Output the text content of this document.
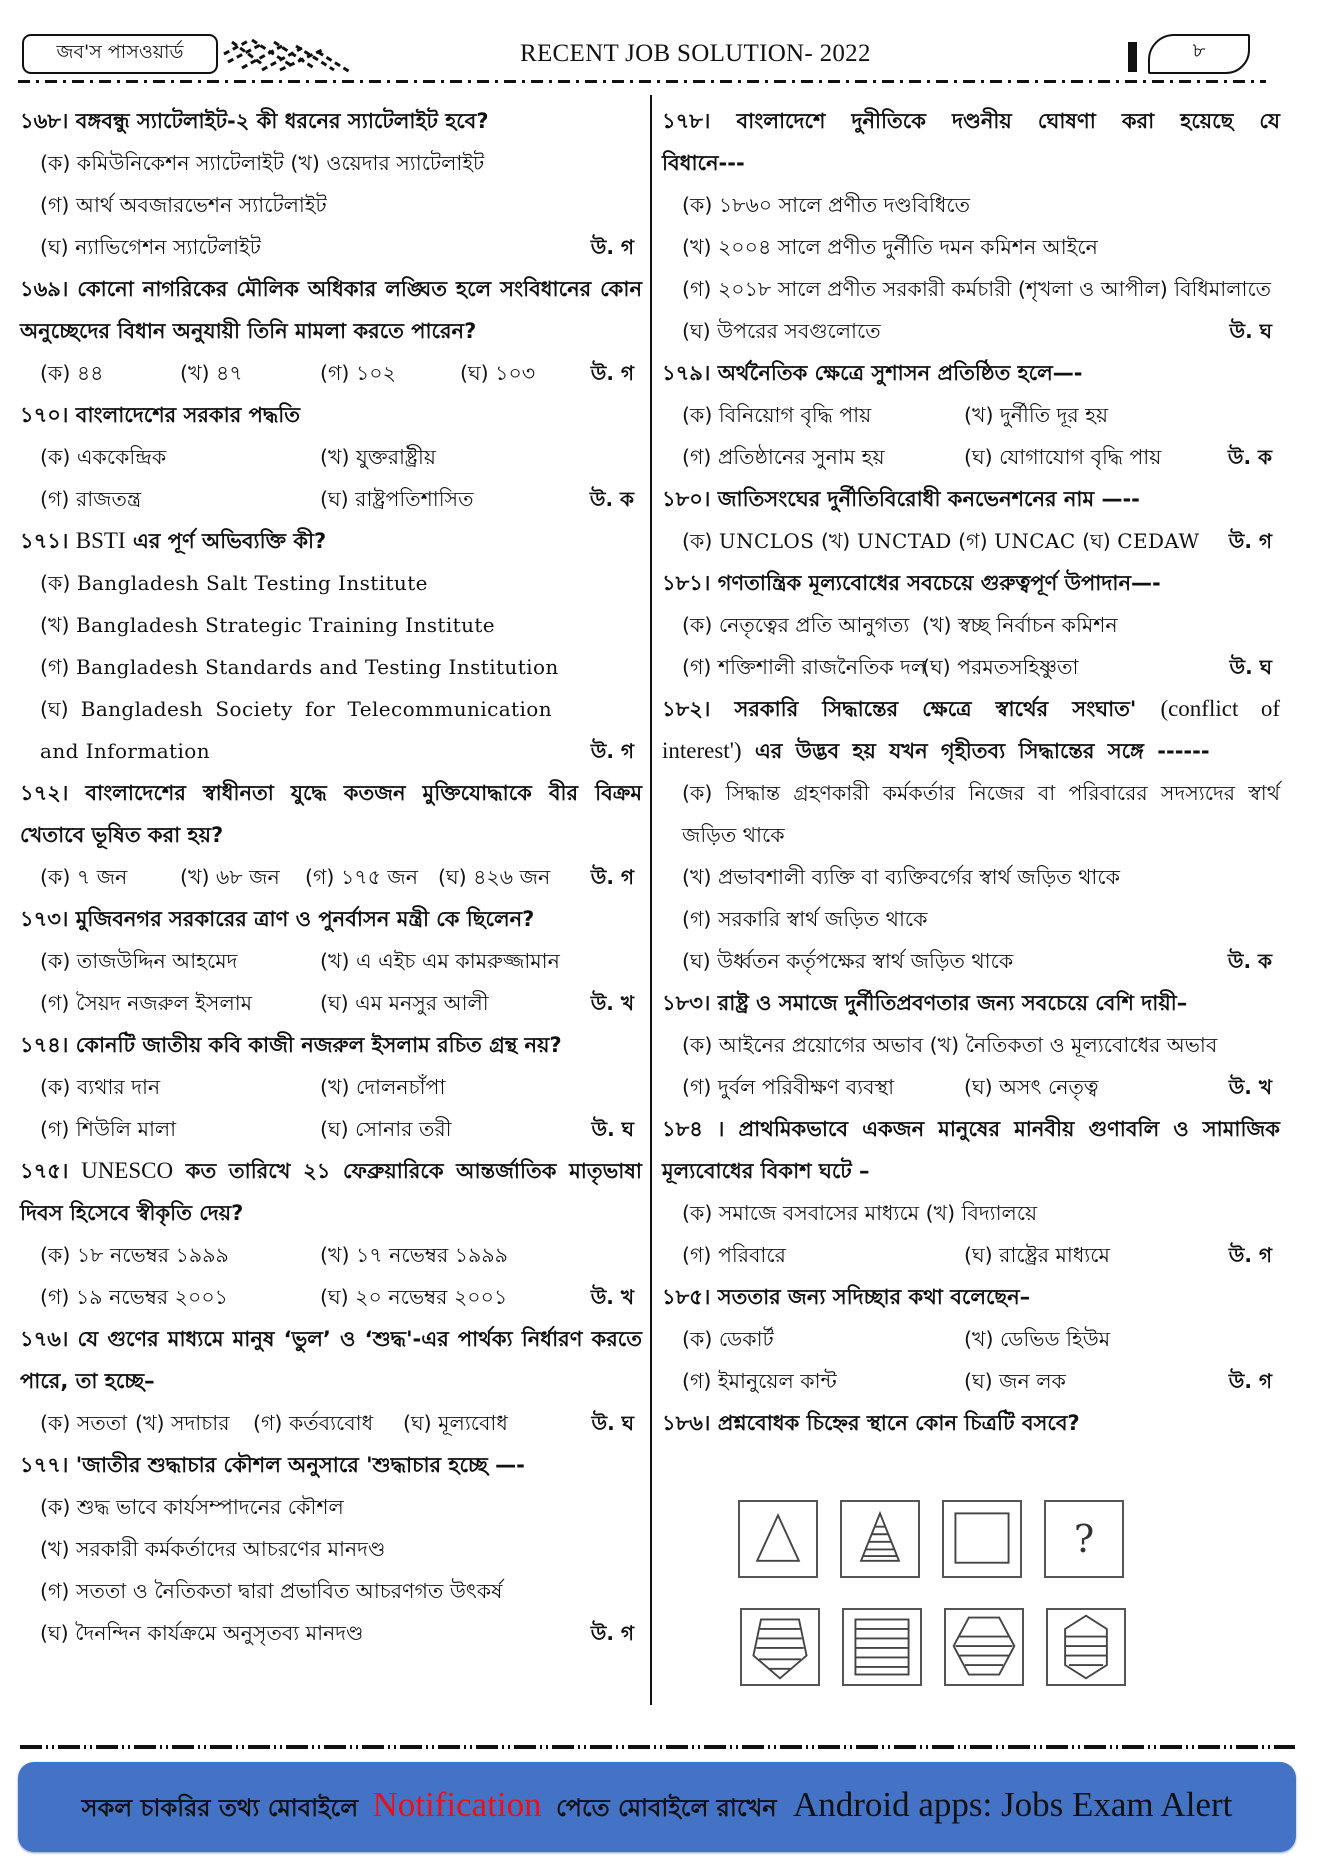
জব'স পাসওয়ার্ড	RECENT JOB SOLUTION- 2022	৮
১৬৮। বঙ্গবন্ধু স্যাটেলাইট-২ কী ধরনের স্যাটেলাইট হবে?
(ক) কমিউনিকেশন স্যাটেলাইট (খ) ওয়েদার স্যাটেলাইট
(গ) আর্থ অবজারভেশন স্যাটেলাইট
(ঘ) ন্যাভিগেশন স্যাটেলাইট	উ. গ
১৬৯। কোনো নাগরিকের মৌলিক অধিকার লঙ্ঘিত হলে সংবিধানের কোন অনুচ্ছেদের বিধান অনুযায়ী তিনি মামলা করতে পারেন?
(ক) ৪৪	(খ) ৪৭	(গ) ১০২	(ঘ) ১০৩	উ. গ
১৭০। বাংলাদেশের সরকার পদ্ধতি
(ক) এককেন্দ্রিক	(খ) যুক্তরাষ্ট্রীয়
(গ) রাজতন্ত্র	(ঘ) রাষ্ট্রপতিশাসিত	উ. ক
১৭১। BSTI এর পূর্ণ অভিব্যক্তি কী?
(ক) Bangladesh Salt Testing Institute
(খ) Bangladesh Strategic Training Institute
(গ) Bangladesh Standards and Testing Institution
(ঘ) Bangladesh Society for Telecommunication and Information	উ. গ
১৭২। বাংলাদেশের স্বাধীনতা যুদ্ধে কতজন মুক্তিযোদ্ধাকে বীর বিক্রম খেতাবে ভূষিত করা হয়?
(ক) ৭ জন	(খ) ৬৮ জন (গ) ১৭৫ জন (ঘ) ৪২৬ জন উ. গ
১৭৩। মুজিবনগর সরকারের ত্রাণ ও পুনর্বাসন মন্ত্রী কে ছিলেন?
(ক) তাজউদ্দিন আহমেদ	(খ) এ এইচ এম কামরুজ্জামান
(গ) সৈয়দ নজরুল ইসলাম	(ঘ) এম মনসুর আলী	উ. খ
১৭৪। কোনটি জাতীয় কবি কাজী নজরুল ইসলাম রচিত গ্রন্থ নয়?
(ক) ব্যথার দান	(খ) দোলনচাঁপা
(গ) শিউলি মালা	(ঘ) সোনার তরী	উ. ঘ
১৭৫। UNESCO কত তারিখে ২১ ফেব্রুয়ারিকে আন্তর্জাতিক মাতৃভাষা দিবস হিসেবে স্বীকৃতি দেয়?
(ক) ১৮ নভেম্বর ১৯৯৯	(খ) ১৭ নভেম্বর ১৯৯৯
(গ) ১৯ নভেম্বর ২০০১	(ঘ) ২০ নভেম্বর ২০০১	উ. খ
১৭৬। যে গুণের মাধ্যমে মানুষ ‘ভুল’ ও ‘শুদ্ধ'-এর পার্থক্য নির্ধারণ করতে পারে, তা হচ্ছে–
(ক) সততা (খ) সদাচার (গ) কর্তব্যবোধ (ঘ) মূল্যবোধ	উ. ঘ
১৭৭। 'জাতীর শুদ্ধাচার কৌশল অনুসারে 'শুদ্ধাচার হচ্ছে —-
(ক) শুদ্ধ ভাবে কার্যসম্পাদনের কৌশল
(খ) সরকারী কর্মকর্তাদের আচরণের মানদণ্ড
(গ) সততা ও নৈতিকতা দ্বারা প্রভাবিত আচরণগত উৎকর্ষ
(ঘ) দৈনন্দিন কার্যক্রমে অনুসৃতব্য মানদণ্ড	উ. গ
১৭৮। বাংলাদেশে দুনীতিকে দণ্ডনীয় ঘোষণা করা হয়েছে যে বিধানে---
(ক) ১৮৬০ সালে প্রণীত দণ্ডবিধিতে
(খ) ২০০৪ সালে প্রণীত দুর্নীতি দমন কমিশন আইনে
(গ) ২০১৮ সালে প্রণীত সরকারী কর্মচারী (শৃখলা ও আপীল) বিধিমালাতে
(ঘ) উপরের সবগুলোতে	উ. ঘ
১৭৯। অর্থনৈতিক ক্ষেত্রে সুশাসন প্রতিষ্ঠিত হলে—-
(ক) বিনিয়োগ বৃদ্ধি পায়	(খ) দুর্নীতি দূর হয়
(গ) প্রতিষ্ঠানের সুনাম হয়	(ঘ) যোগাযোগ বৃদ্ধি পায়	উ. ক
১৮০। জাতিসংঘের দুর্নীতিবিরোধী কনভেনশনের নাম —--
(ক) UNCLOS (খ) UNCTAD (গ) UNCAC (ঘ) CEDAW উ. গ
১৮১। গণতান্ত্রিক মূল্যবোধের সবচেয়ে গুরুত্বপূর্ণ উপাদান—-
(ক) নেতৃত্বের প্রতি আনুগত্য (খ) স্বচ্ছ নির্বাচন কমিশন
(গ) শক্তিশালী রাজনৈতিক দল(ঘ) পরমতসহিষ্ণুতা	উ. ঘ
১৮২। সরকারি সিদ্ধান্তের ক্ষেত্রে স্বার্থের সংঘাত' (conflict of interest') এর উদ্ভব হয় যখন গৃহীতব্য সিদ্ধান্তের সঙ্গে ------
(ক) সিদ্ধান্ত গ্রহণকারী কর্মকর্তার নিজের বা পরিবারের সদস্যদের স্বার্থ জড়িত থাকে
(খ) প্রভাবশালী ব্যক্তি বা ব্যক্তিবর্গের স্বার্থ জড়িত থাকে
(গ) সরকারি স্বার্থ জড়িত থাকে
(ঘ) উর্ধ্বতন কর্তৃপক্ষের স্বার্থ জড়িত থাকে	উ. ক
১৮৩। রাষ্ট্র ও সমাজে দুর্নীতিপ্রবণতার জন্য সবচেয়ে বেশি দায়ী–
(ক) আইনের প্রয়োগের অভাব (খ) নৈতিকতা ও মূল্যবোধের অভাব
(গ) দুর্বল পরিবীক্ষণ ব্যবস্থা	(ঘ) অসৎ নেতৃত্ব	উ. খ
১৮৪ । প্রাথমিকভাবে একজন মানুষের মানবীয় গুণাবলি ও সামাজিক মূল্যবোধের বিকাশ ঘটে –
(ক) সমাজে বসবাসের মাধ্যমে (খ) বিদ্যালয়ে
(গ) পরিবারে	(ঘ) রাষ্ট্রের মাধ্যমে	উ. গ
১৮৫। সততার জন্য সদিচ্ছার কথা বলেছেন–
(ক) ডেকার্ট	(খ) ডেভিড হিউম
(গ) ইমানুয়েল কান্ট	(ঘ) জন লক	উ. গ
১৮৬। প্রশ্নবোধক চিহ্নের স্থানে কোন চিত্রটি বসবে?
?
সকল চাকরির তথ্য মোবাইলে Notification পেতে মোবাইলে রাখেন Android apps: Jobs Exam Alert
